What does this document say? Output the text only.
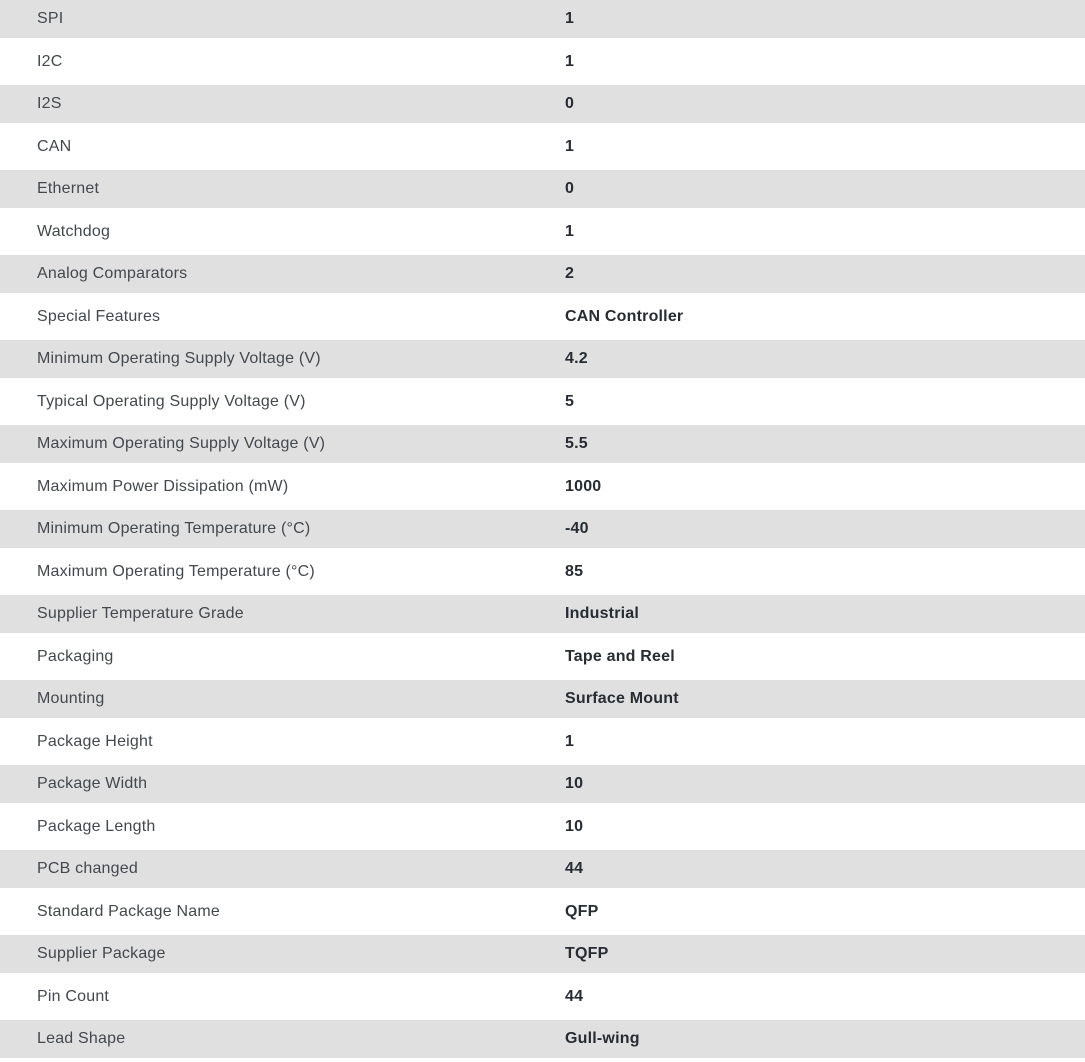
SPI	1
I2C	1
I2S	0
CAN	1
Ethernet	0
Watchdog	1
Analog Comparators	2
Special Features	CAN Controller
Minimum Operating Supply Voltage (V)	4.2
Typical Operating Supply Voltage (V)	5
Maximum Operating Supply Voltage (V)	5.5
Maximum Power Dissipation (mW)	1000
Minimum Operating Temperature (°C)	-40
Maximum Operating Temperature (°C)	85
Supplier Temperature Grade	Industrial
Packaging	Tape and Reel
Mounting	Surface Mount
Package Height	1
Package Width	10
Package Length	10
PCB changed	44
Standard Package Name	QFP
Supplier Package	TQFP
Pin Count	44
Lead Shape	Gull-wing
